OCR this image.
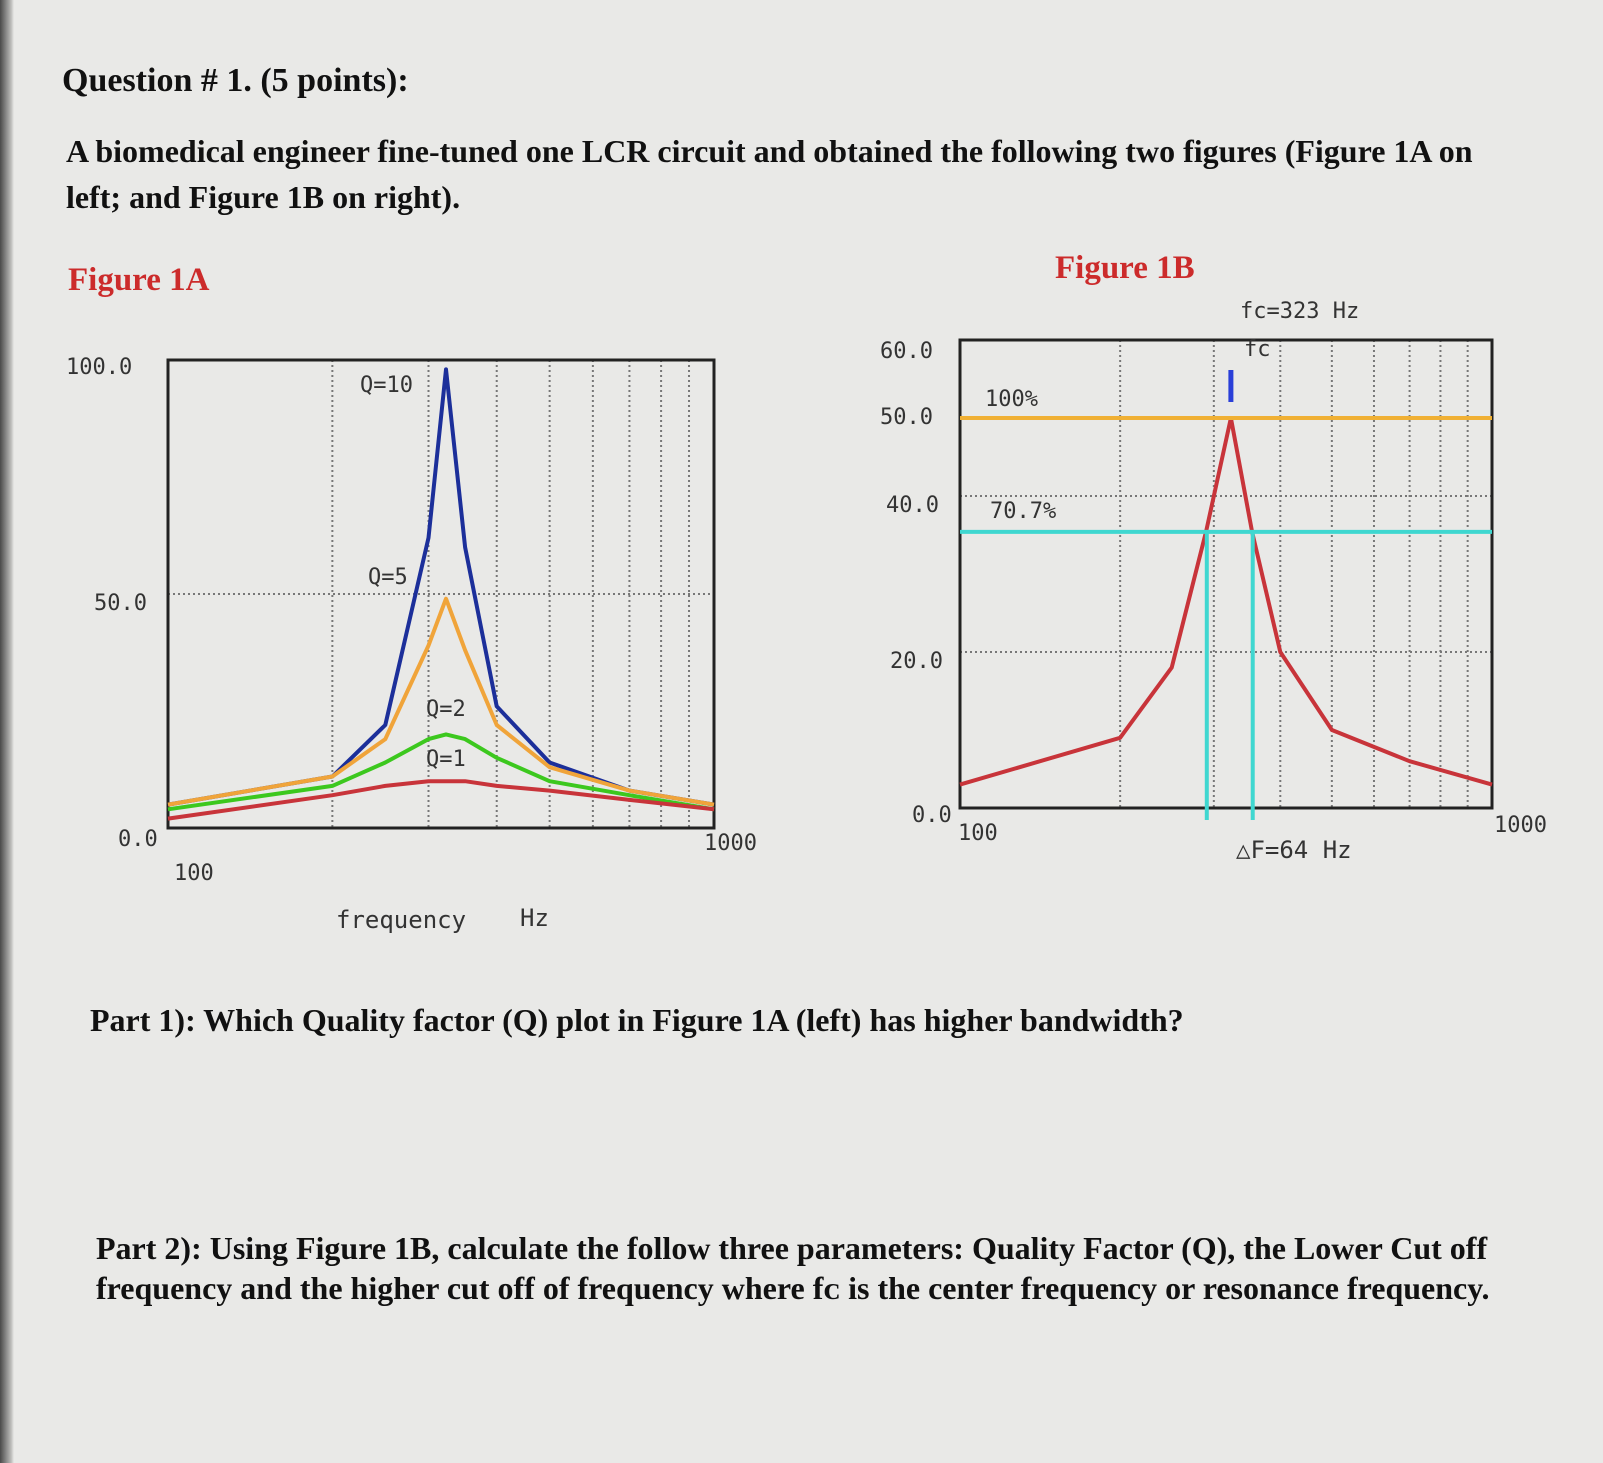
Question # 1. (5 points):
A biomedical engineer fine-tuned one LCR circuit and obtained the following two figures (Figure 1A on left; and Figure 1B on right).
Figure 1A	Figure 1B
100.0
50.0
0.0
100
1000
frequency Hz
Q=10
Q=5
Q=2
Q=1
60.0
50.0
40.0
20.0
0.0
100	1000
100%
70.7%
fc=323 Hz
fc
△F=64 Hz
Part 1): Which Quality factor (Q) plot in Figure 1A (left) has higher bandwidth?
Part 2): Using Figure 1B, calculate the follow three parameters: Quality Factor (Q), the Lower Cut off frequency and the higher cut off of frequency where fᴄ is the center frequency or resonance frequency.
